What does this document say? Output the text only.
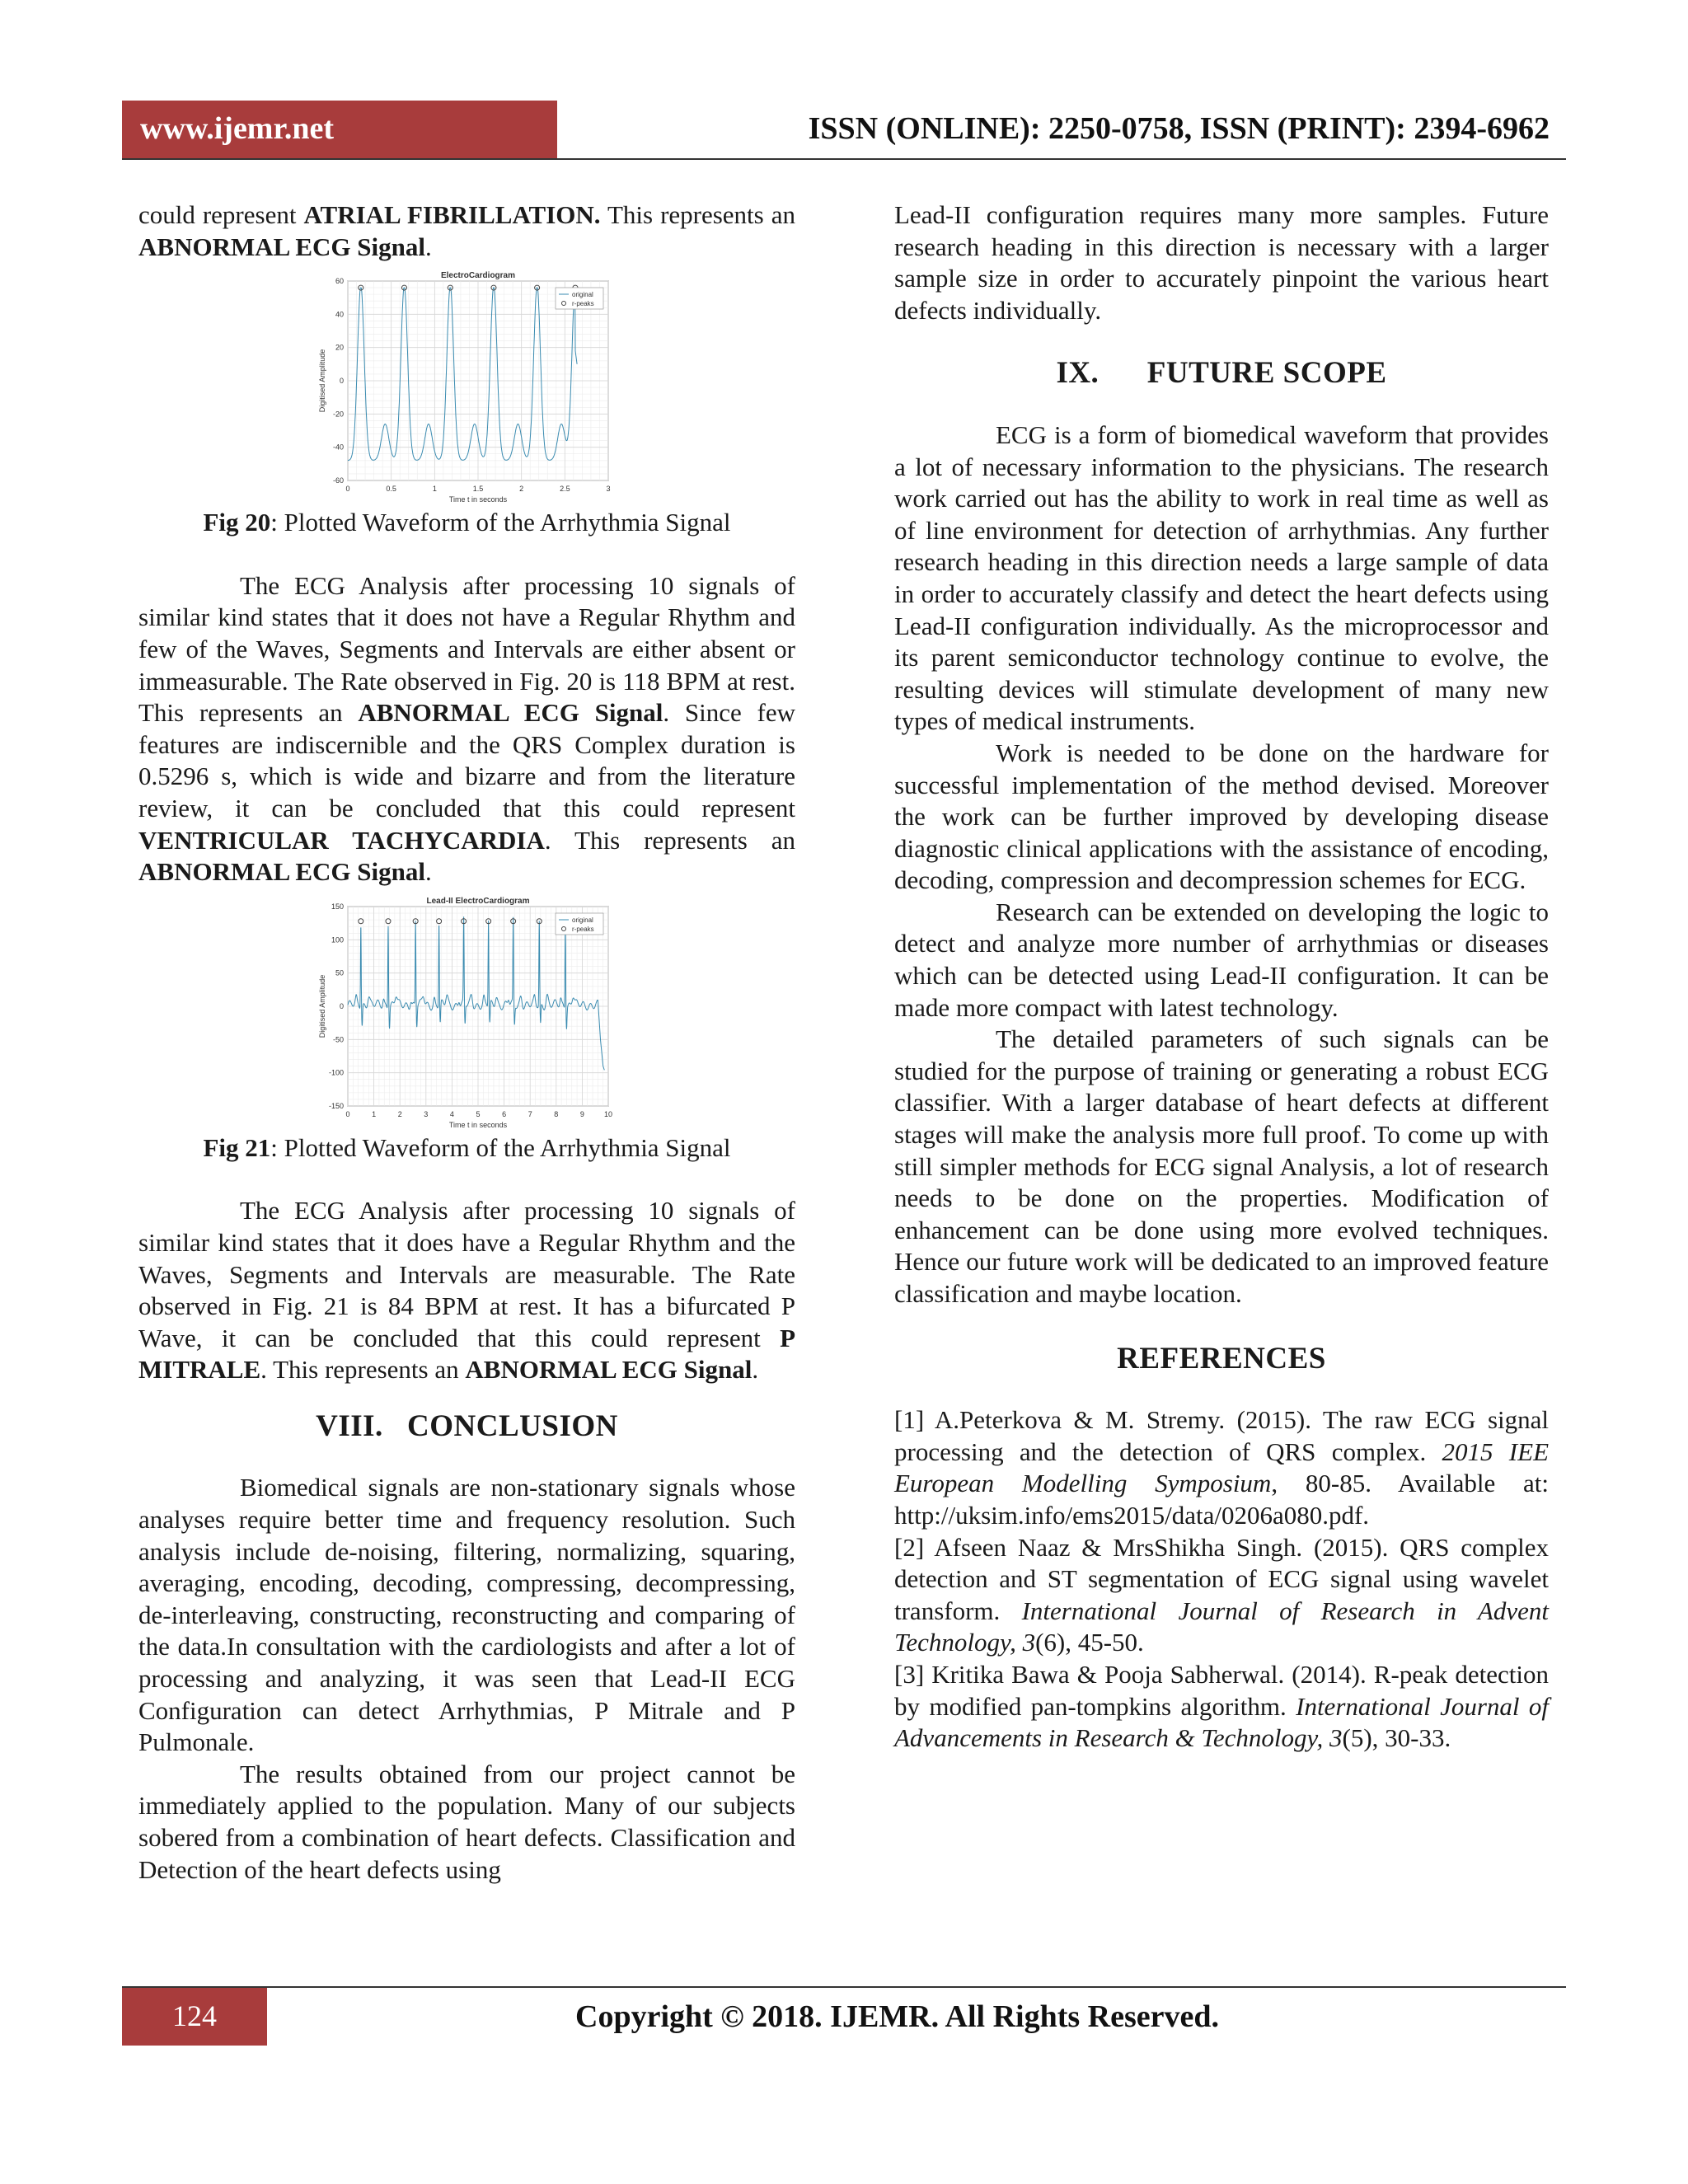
www.ijemr.net	ISSN (ONLINE): 2250-0758, ISSN (PRINT): 2394-6962

could represent ATRIAL FIBRILLATION. This represents an ABNORMAL ECG Signal.

0	0.5	1	1.5	2	2.5	3
-60
-40
-20
0
20
40
60
ElectroCardiogram
Time t in seconds
Digitised Amplitude
original
r-peaks

Fig 20: Plotted Waveform of the Arrhythmia Signal

The ECG Analysis after processing 10 signals of similar kind states that it does not have a Regular Rhythm and few of the Waves, Segments and Intervals are either absent or immeasurable. The Rate observed in Fig. 20 is 118 BPM at rest. This represents an ABNORMAL ECG Signal. Since few features are indiscernible and the QRS Complex duration is 0.5296 s, which is wide and bizarre and from the literature review, it can be concluded that this could represent VENTRICULAR TACHYCARDIA. This represents an ABNORMAL ECG Signal.

0	1	2	3	4	5	6	7	8	9	10
-150
-100
-50
0
50
100
150
Lead-II ElectroCardiogram
Time t in seconds
Digitised Amplitude
original
r-peaks

Fig 21: Plotted Waveform of the Arrhythmia Signal

The ECG Analysis after processing 10 signals of similar kind states that it does have a Regular Rhythm and the Waves, Segments and Intervals are measurable. The Rate observed in Fig. 21 is 84 BPM at rest. It has a bifurcated P Wave, it can be concluded that this could represent P MITRALE. This represents an ABNORMAL ECG Signal.

VIII.   CONCLUSION

Biomedical signals are non-stationary signals whose analyses require better time and frequency resolution. Such analysis include de-noising, filtering, normalizing, squaring, averaging, encoding, decoding, compressing, decompressing, de-interleaving, constructing, reconstructing and comparing of the data.In consultation with the cardiologists and after a lot of processing and analyzing, it was seen that Lead-II ECG Configuration can detect Arrhythmias, P Mitrale and P Pulmonale.

The results obtained from our project cannot be immediately applied to the population. Many of our subjects sobered from a combination of heart defects. Classification and Detection of the heart defects using

Lead-II configuration requires many more samples. Future research heading in this direction is necessary with a larger sample size in order to accurately pinpoint the various heart defects individually.

IX.      FUTURE SCOPE

ECG is a form of biomedical waveform that provides a lot of necessary information to the physicians. The research work carried out has the ability to work in real time as well as of line environment for detection of arrhythmias. Any further research heading in this direction needs a large sample of data in order to accurately classify and detect the heart defects using Lead-II configuration individually. As the microprocessor and its parent semiconductor technology continue to evolve, the resulting devices will stimulate development of many new types of medical instruments.

Work is needed to be done on the hardware for successful implementation of the method devised. Moreover the work can be further improved by developing disease diagnostic clinical applications with the assistance of encoding, decoding, compression and decompression schemes for ECG.

Research can be extended on developing the logic to detect and analyze more number of arrhythmias or diseases which can be detected using Lead-II configuration. It can be made more compact with latest technology.

The detailed parameters of such signals can be studied for the purpose of training or generating a robust ECG classifier. With a larger database of heart defects at different stages will make the analysis more full proof. To come up with still simpler methods for ECG signal Analysis, a lot of research needs to be done on the properties. Modification of enhancement can be done using more evolved techniques. Hence our future work will be dedicated to an improved feature classification and maybe location.

REFERENCES

[1] A.Peterkova & M. Stremy. (2015). The raw ECG signal processing and the detection of QRS complex. 2015 IEE European Modelling Symposium, 80-85. Available at: http://uksim.info/ems2015/data/0206a080.pdf.

[2] Afseen Naaz & MrsShikha Singh. (2015). QRS complex detection and ST segmentation of ECG signal using wavelet transform. International Journal of Research in Advent Technology, 3(6), 45-50.

[3] Kritika Bawa & Pooja Sabherwal. (2014). R-peak detection by modified pan-tompkins algorithm. International Journal of Advancements in Research & Technology, 3(5), 30-33.

124	Copyright © 2018. IJEMR. All Rights Reserved.
